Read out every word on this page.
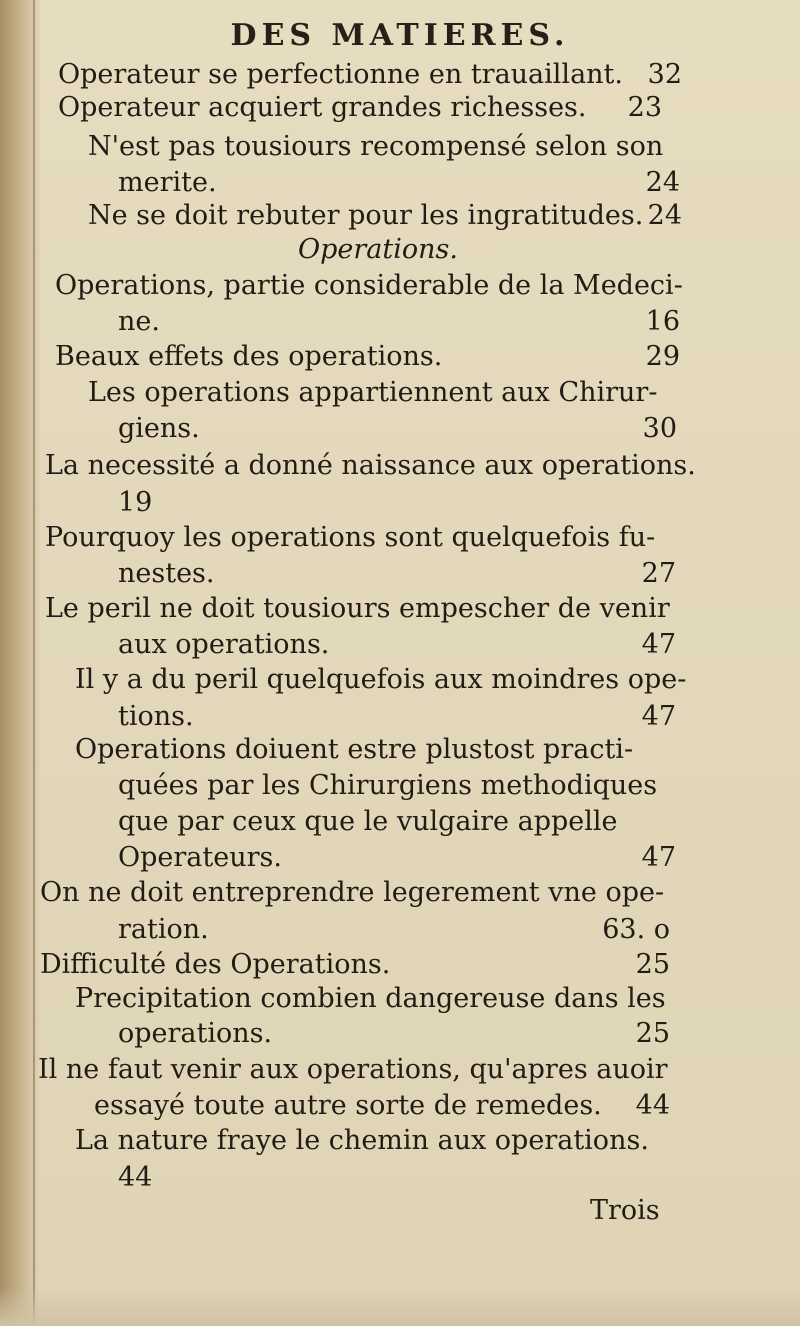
DES MATIERES.
Operateur se perfectionne en trauaillant. 32
Operateur acquiert grandes richesses. 23
N'est pas tousiours recompensé selon son
merite.	24
Ne se doit rebuter pour les ingratitudes. 24
Operations.
Operations, partie considerable de la Medeci-
ne.	16
Beaux effets des operations.	29
Les operations appartiennent aux Chirur-
giens.	30
La necessité a donné naissance aux operations.
19
Pourquoy les operations sont quelquefois fu-
nestes.	27
Le peril ne doit tousiours empescher de venir
aux operations.	47
Il y a du peril quelquefois aux moindres ope-
tions.	47
Operations doiuent estre plustost practi-
quées par les Chirurgiens methodiques
que par ceux que le vulgaire appelle
Operateurs.	47
On ne doit entreprendre legerement vne ope-
ration.	63. o
Difficulté des Operations.	25
Precipitation combien dangereuse dans les
operations.	25
Il ne faut venir aux operations, qu'apres auoir
essayé toute autre sorte de remedes. 44
La nature fraye le chemin aux operations.
44
Trois
